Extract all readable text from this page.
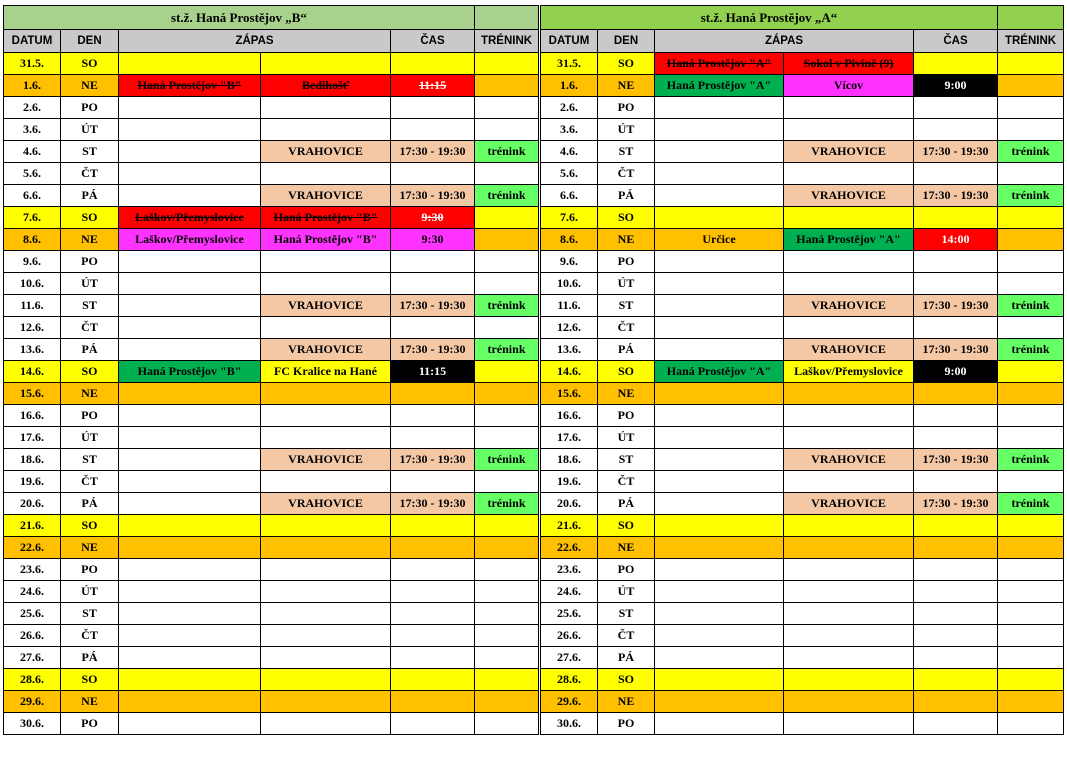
st.ž. Haná Prostějov „B“					
DATUM	DEN	ZÁPAS		ČAS	TRÉNINK
31.5.	SO				
1.6.	NE	Haná Prostějov "B"	Bedihošť	11:15	
2.6.	PO				
3.6.	ÚT				
4.6.	ST		VRAHOVICE	17:30 - 19:30	trénink
5.6.	ČT				
6.6.	PÁ		VRAHOVICE	17:30 - 19:30	trénink
7.6.	SO	Laškov/Přemyslovice	Haná Prostějov "B"	9:30	
8.6.	NE	Laškov/Přemyslovice	Haná Prostějov "B"	9:30	
9.6.	PO				
10.6.	ÚT				
11.6.	ST		VRAHOVICE	17:30 - 19:30	trénink
12.6.	ČT				
13.6.	PÁ		VRAHOVICE	17:30 - 19:30	trénink
14.6.	SO	Haná Prostějov "B"	FC Kralice na Hané	11:15	
15.6.	NE				
16.6.	PO				
17.6.	ÚT				
18.6.	ST		VRAHOVICE	17:30 - 19:30	trénink
19.6.	ČT				
20.6.	PÁ		VRAHOVICE	17:30 - 19:30	trénink
21.6.	SO				
22.6.	NE				
23.6.	PO				
24.6.	ÚT				
25.6.	ST				
26.6.	ČT				
27.6.	PÁ				
28.6.	SO				
29.6.	NE				
30.6.	PO				
st.ž. Haná Prostějov „A“					
DATUM	DEN	ZÁPAS		ČAS	TRÉNINK
31.5.	SO	Haná Prostějov "A"	Sokol v Pivíně (9)		
1.6.	NE	Haná Prostějov "A"	Vícov	9:00	
2.6.	PO				
3.6.	ÚT				
4.6.	ST		VRAHOVICE	17:30 - 19:30	trénink
5.6.	ČT				
6.6.	PÁ		VRAHOVICE	17:30 - 19:30	trénink
7.6.	SO				
8.6.	NE	Určice	Haná Prostějov "A"	14:00	
9.6.	PO				
10.6.	ÚT				
11.6.	ST		VRAHOVICE	17:30 - 19:30	trénink
12.6.	ČT				
13.6.	PÁ		VRAHOVICE	17:30 - 19:30	trénink
14.6.	SO	Haná Prostějov "A"	Laškov/Přemyslovice	9:00	
15.6.	NE				
16.6.	PO				
17.6.	ÚT				
18.6.	ST		VRAHOVICE	17:30 - 19:30	trénink
19.6.	ČT				
20.6.	PÁ		VRAHOVICE	17:30 - 19:30	trénink
21.6.	SO				
22.6.	NE				
23.6.	PO				
24.6.	ÚT				
25.6.	ST				
26.6.	ČT				
27.6.	PÁ				
28.6.	SO				
29.6.	NE				
30.6.	PO				
